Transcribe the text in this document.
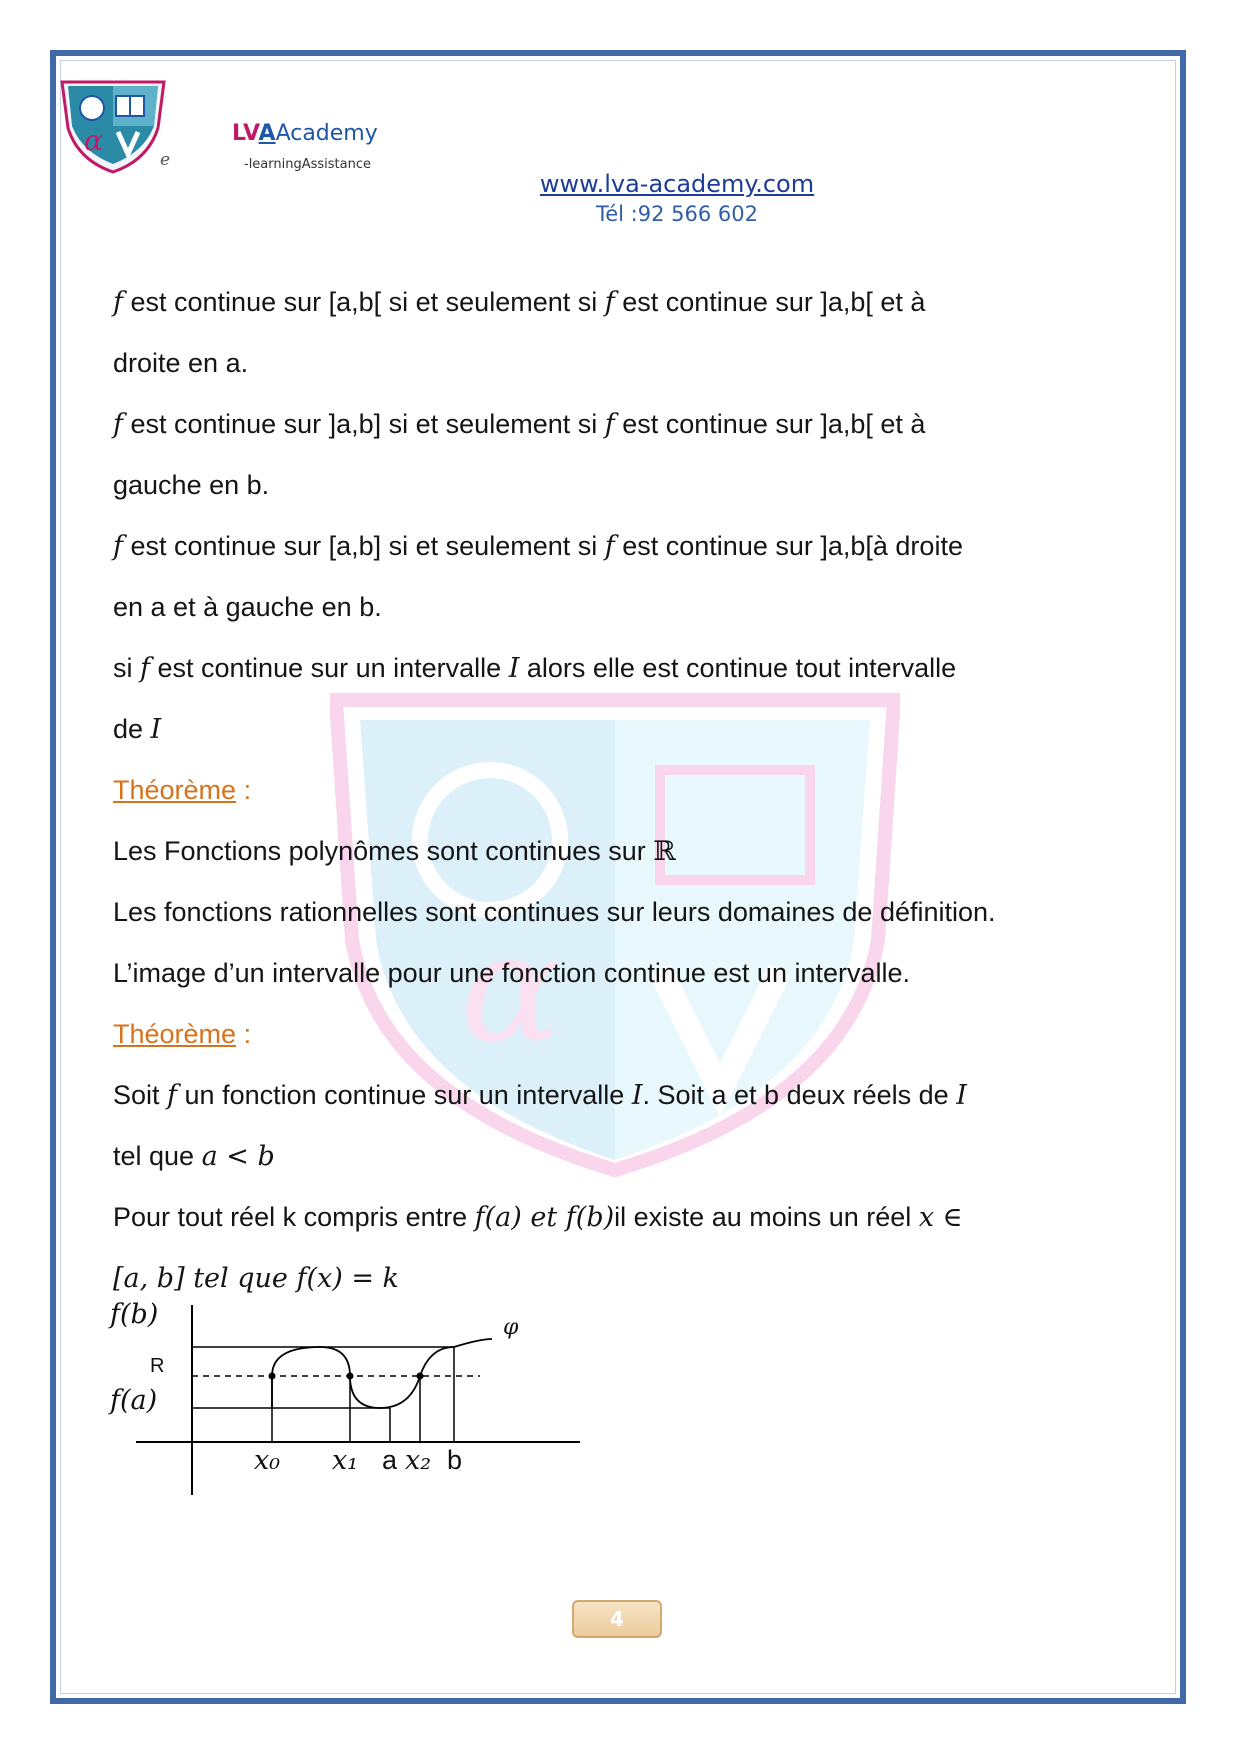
α	LVAAcademy
e	-learningAssistance
www.lva-academy.com
Tél :92 566 602
α
f est continue sur [a,b[ si et seulement si f est continue sur ]a,b[ et à
droite en a.
f est continue sur ]a,b] si et seulement si f est continue sur ]a,b[ et à
gauche en b.
f est continue sur [a,b] si et seulement si f est continue sur ]a,b[à droite
en a et à gauche en b.
si f est continue sur un intervalle I alors elle est continue tout intervalle
de I
Théorème :
Les Fonctions polynômes sont continues sur ℝ
Les fonctions rationnelles sont continues sur leurs domaines de définition.
L’image d’un intervalle pour une fonction continue est un intervalle.
Théorème :
Soit f un fonction continue sur un intervalle I. Soit a et b deux réels de I
tel que a < b
Pour tout réel k compris entre f(a) et f(b)il existe au moins un réel x ∈
[a, b] tel que f(x) = k
f(b)
R
f(a)
φ
x₀ x₁ a x₂ b
4
